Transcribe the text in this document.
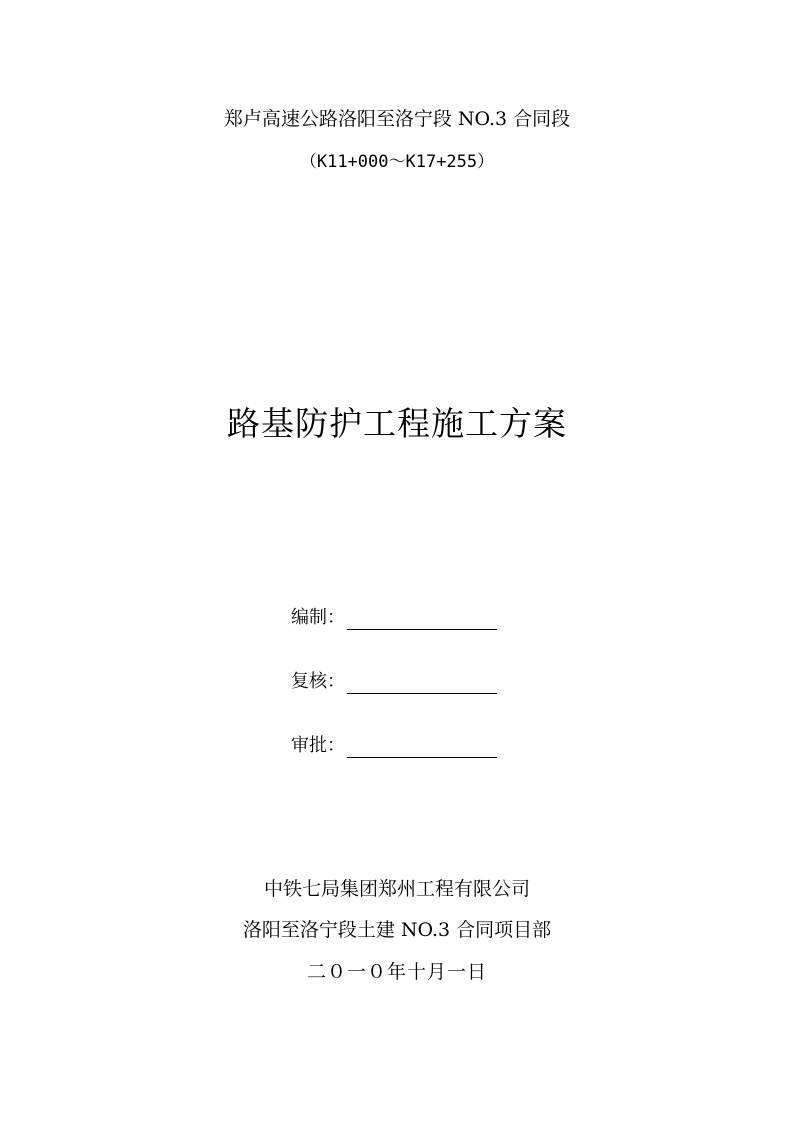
郑卢高速公路洛阳至洛宁段 NO.3 合同段
（K11+000～K17+255）
路基防护工程施工方案
编制：
复核：
审批：
中铁七局集团郑州工程有限公司
洛阳至洛宁段土建 NO.3 合同项目部
二０一０年十月一日
